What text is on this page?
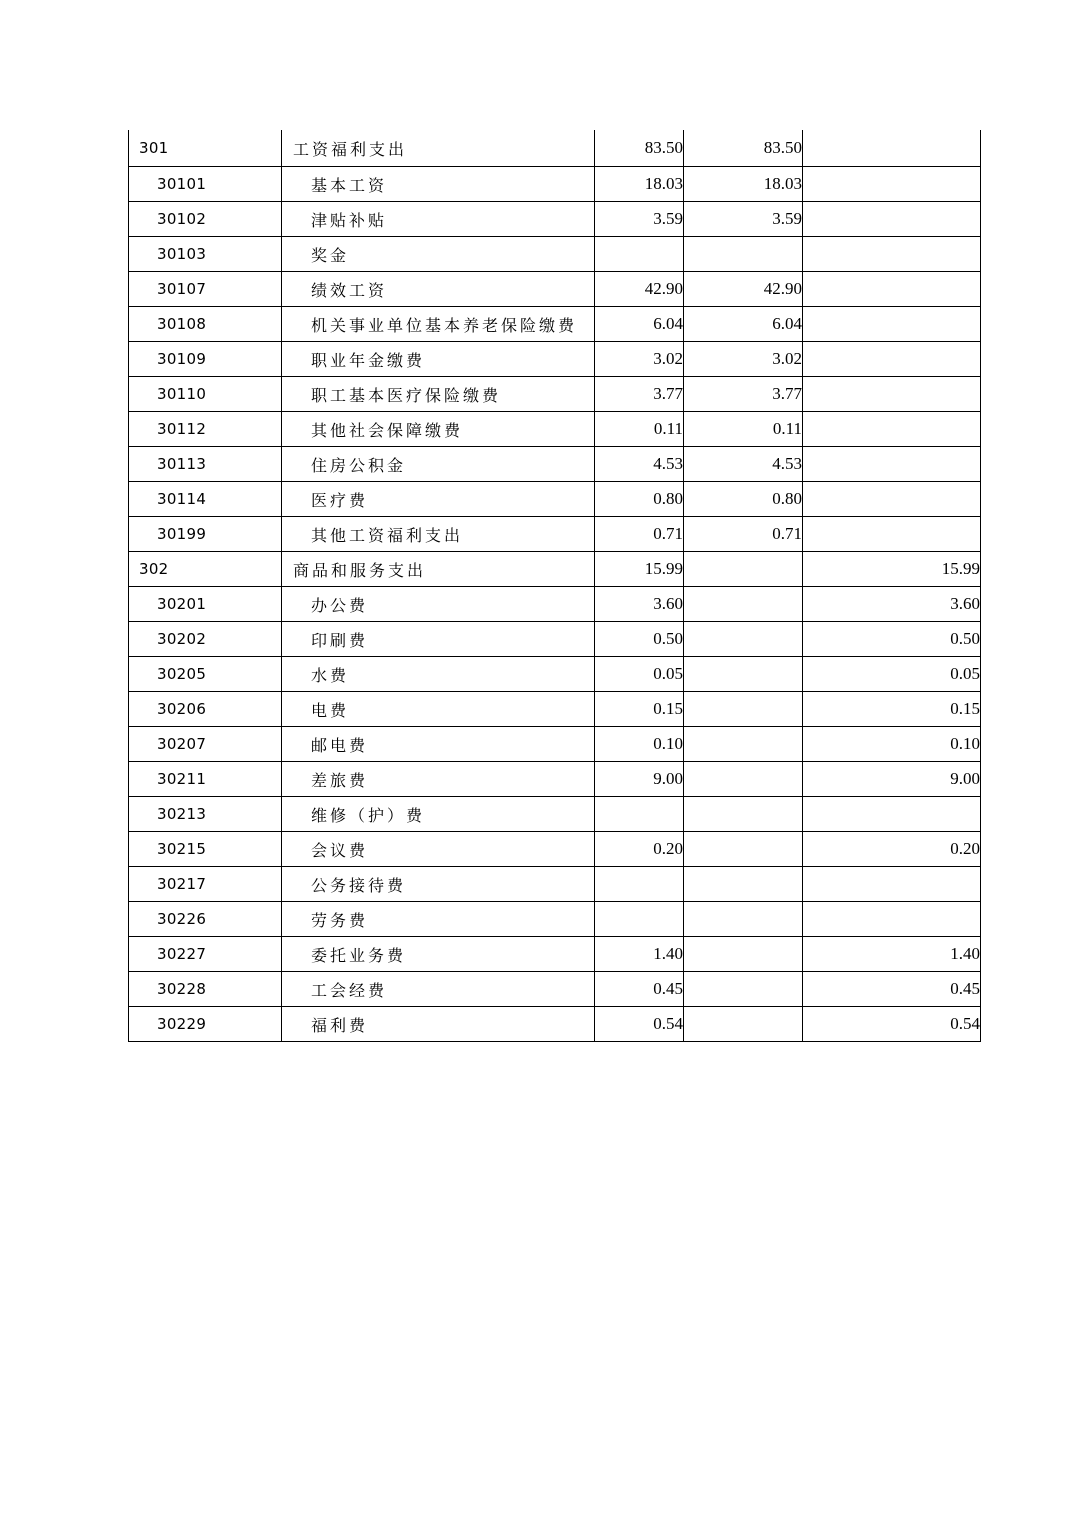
301	工资福利支出	83.50	83.50	
30101	基本工资	18.03	18.03	
30102	津贴补贴	3.59	3.59	
30103	奖金			
30107	绩效工资	42.90	42.90	
30108	机关事业单位基本养老保险缴费	6.04	6.04	
30109	职业年金缴费	3.02	3.02	
30110	职工基本医疗保险缴费	3.77	3.77	
30112	其他社会保障缴费	0.11	0.11	
30113	住房公积金	4.53	4.53	
30114	医疗费	0.80	0.80	
30199	其他工资福利支出	0.71	0.71	
302	商品和服务支出	15.99		15.99
30201	办公费	3.60		3.60
30202	印刷费	0.50		0.50
30205	水费	0.05		0.05
30206	电费	0.15		0.15
30207	邮电费	0.10		0.10
30211	差旅费	9.00		9.00
30213	维修（护）费			
30215	会议费	0.20		0.20
30217	公务接待费			
30226	劳务费			
30227	委托业务费	1.40		1.40
30228	工会经费	0.45		0.45
30229	福利费	0.54		0.54
